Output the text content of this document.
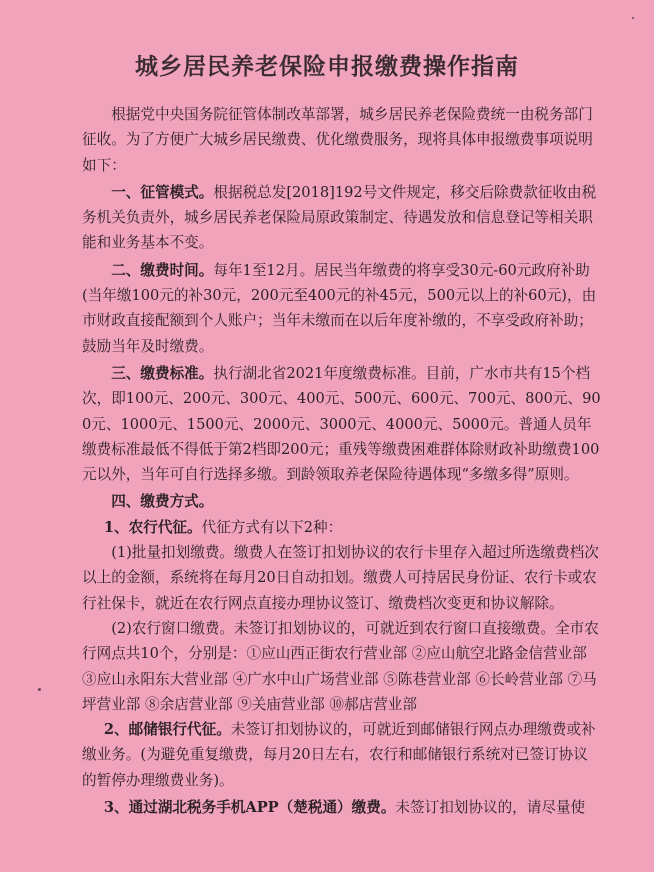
城乡居民养老保险申报缴费操作指南

根据党中央国务院征管体制改革部署，城乡居民养老保险费统一由税务部门征收。为了方便广大城乡居民缴费、优化缴费服务，现将具体申报缴费事项说明如下：

一、征管模式。根据税总发[2018]192号文件规定，移交后除费款征收由税务机关负责外，城乡居民养老保险局原政策制定、待遇发放和信息登记等相关职能和业务基本不变。

二、缴费时间。每年1至12月。居民当年缴费的将享受30元-60元政府补助(当年缴100元的补30元，200元至400元的补45元，500元以上的补60元)，由市财政直接配额到个人账户；当年未缴而在以后年度补缴的，不享受政府补助；鼓励当年及时缴费。

三、缴费标准。执行湖北省2021年度缴费标准。目前，广水市共有15个档次，即100元、200元、300元、400元、500元、600元、700元、800元、900元、1000元、1500元、2000元、3000元、4000元、5000元。普通人员年缴费标准最低不得低于第2档即200元；重残等缴费困难群体除财政补助缴费100元以外，当年可自行选择多缴。到龄领取养老保险待遇体现“多缴多得”原则。

四、缴费方式。

1、农行代征。代征方式有以下2种：

(1)批量扣划缴费。缴费人在签订扣划协议的农行卡里存入超过所选缴费档次以上的金额，系统将在每月20日自动扣划。缴费人可持居民身份证、农行卡或农行社保卡，就近在农行网点直接办理协议签订、缴费档次变更和协议解除。

(2)农行窗口缴费。未签订扣划协议的，可就近到农行窗口直接缴费。全市农行网点共10个，分别是：①应山西正街农行营业部 ②应山航空北路金信营业部 ③应山永阳东大营业部 ④广水中山广场营业部 ⑤陈巷营业部 ⑥长岭营业部 ⑦马坪营业部 ⑧余店营业部 ⑨关庙营业部 ⑩郝店营业部

2、邮储银行代征。未签订扣划协议的，可就近到邮储银行网点办理缴费或补缴业务。(为避免重复缴费，每月20日左右，农行和邮储银行系统对已签订协议的暂停办理缴费业务)。

3、通过湖北税务手机APP（楚税通）缴费。未签订扣划协议的，请尽量使
